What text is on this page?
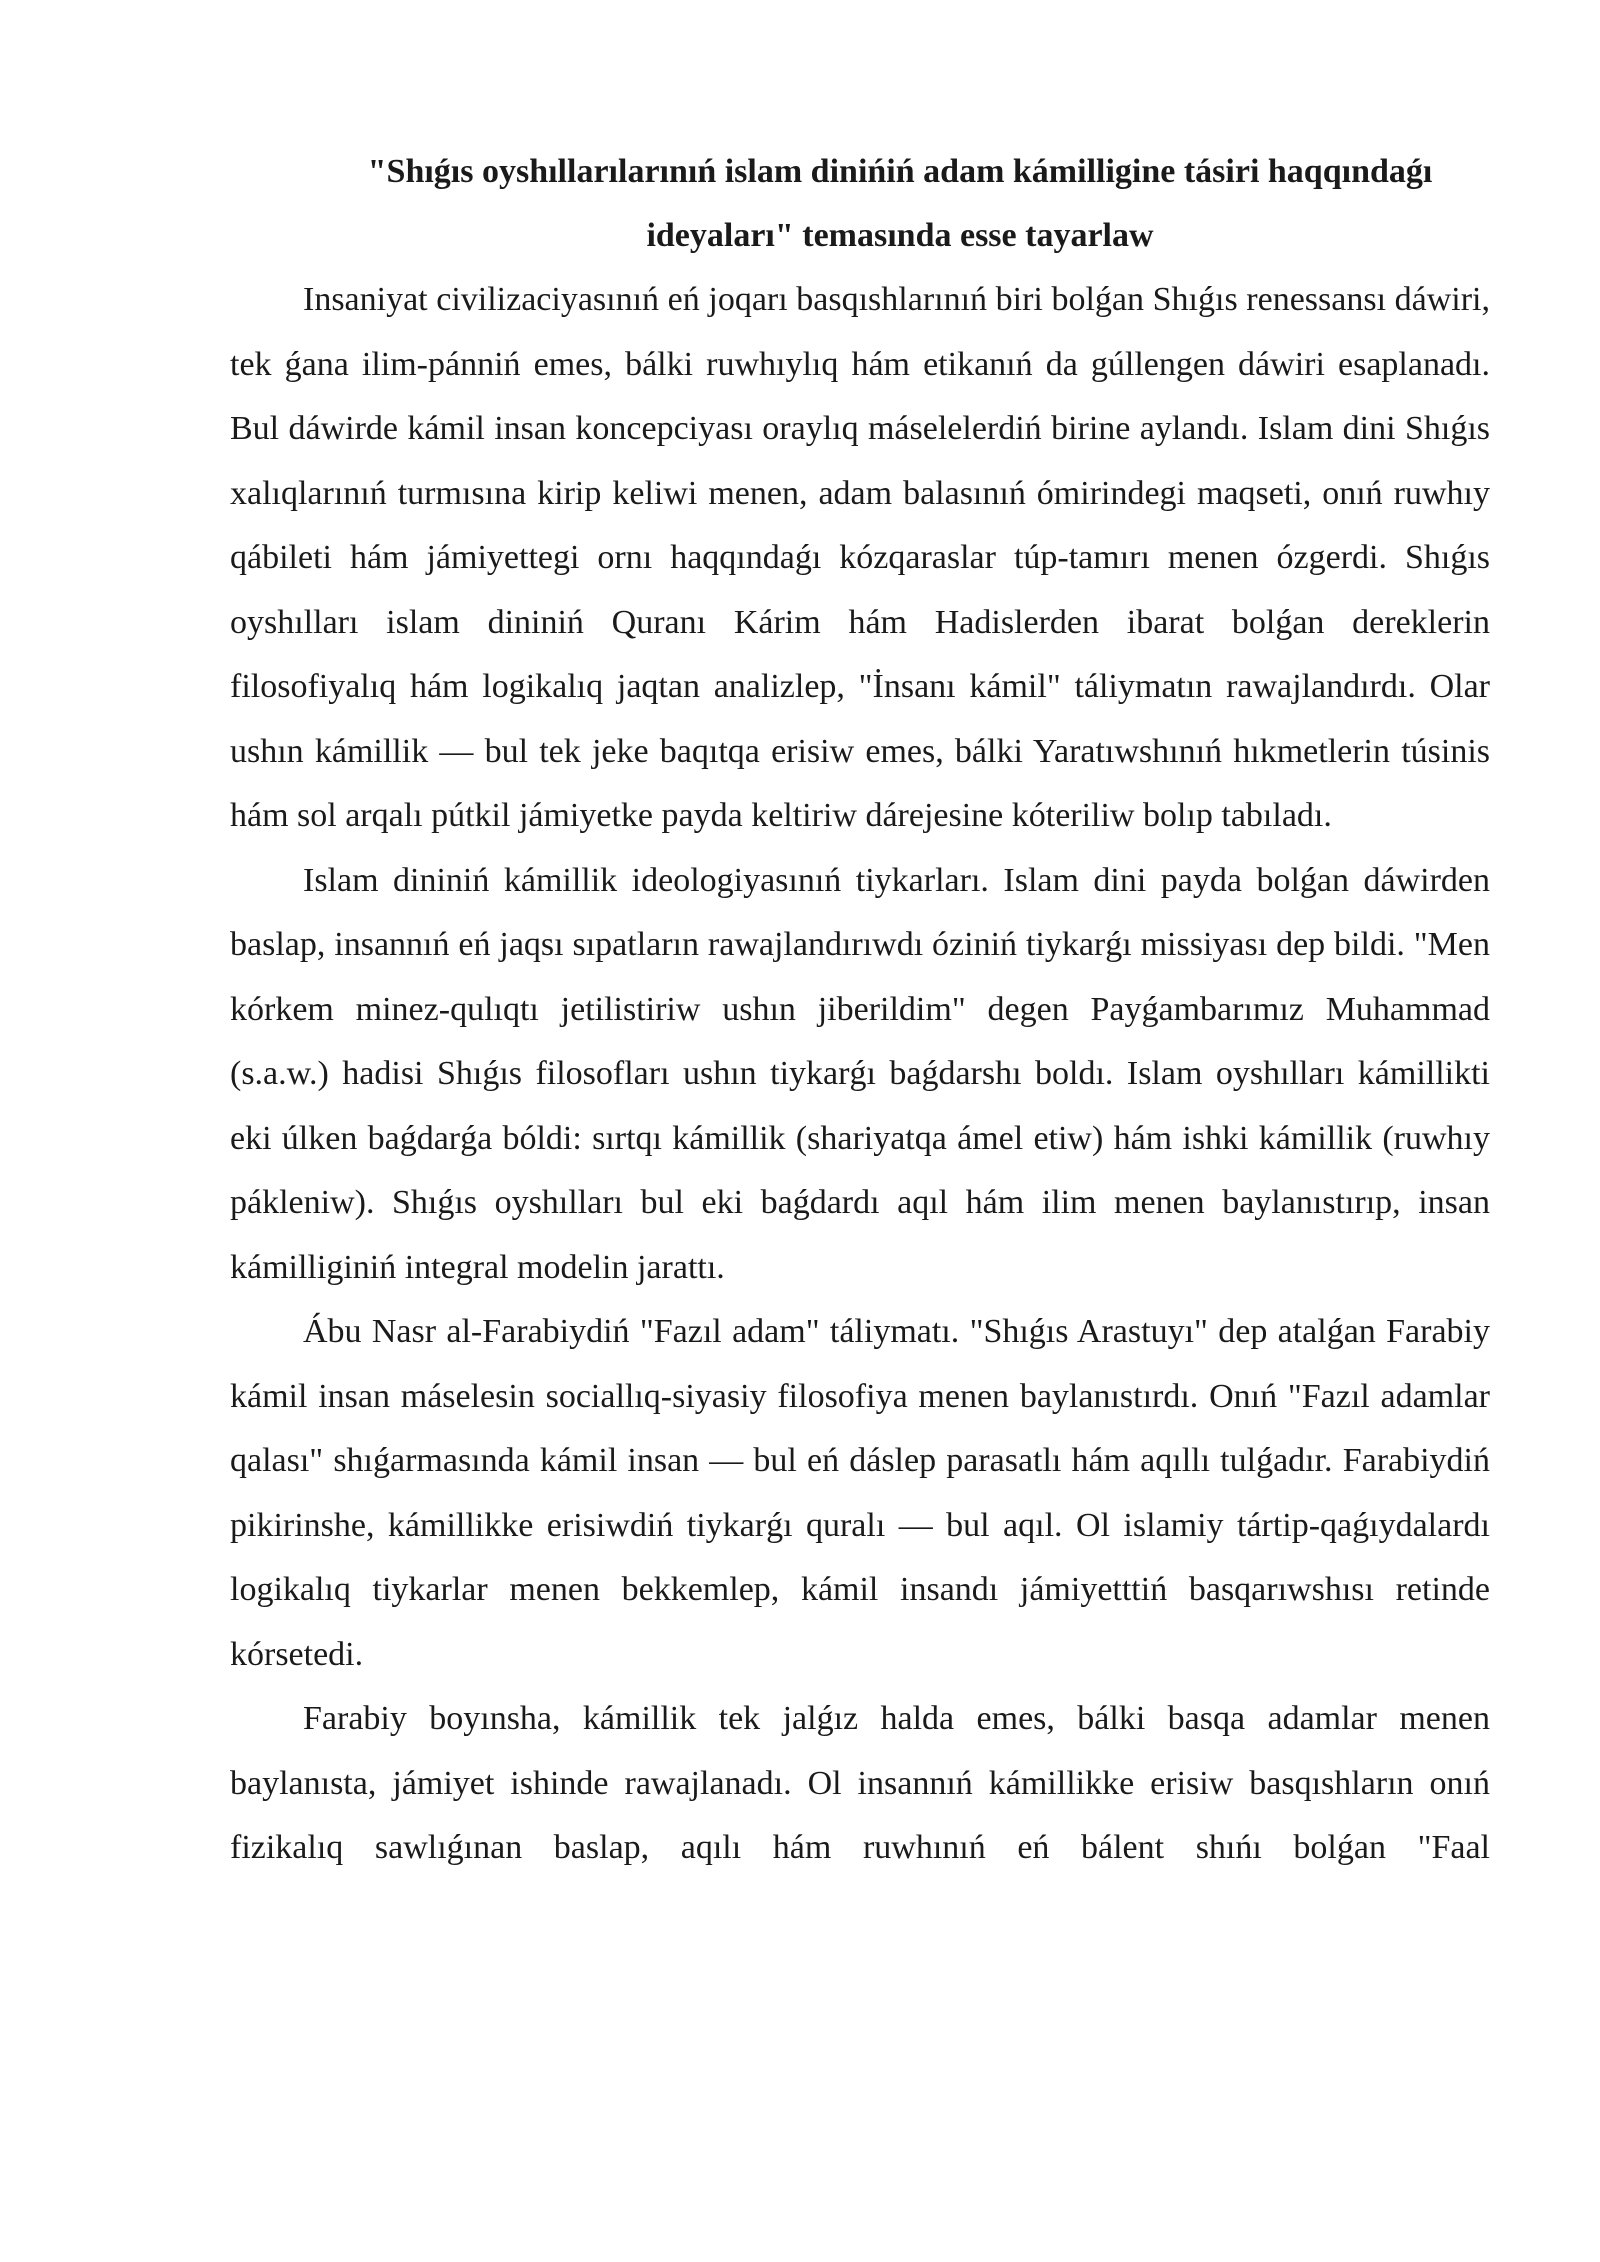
"Shıǵıs oyshıllarılarınıń islam dinińiń adam kámilligine tásiri haqqındaǵı ideyaları" temasında esse tayarlaw

Insaniyat civilizaciyasınıń eń joqarı basqıshlarınıń biri bolǵan Shıǵıs renessansı dáwiri, tek ǵana ilim-pánniń emes, bálki ruwhıylıq hám etikanıń da gúllengen dáwiri esaplanadı. Bul dáwirde kámil insan koncepciyası oraylıq máselelerdiń birine aylandı. Islam dini Shıǵıs xalıqlarınıń turmısına kirip keliwi menen, adam balasınıń ómirindegi maqseti, onıń ruwhıy qábileti hám jámiyettegi ornı haqqındaǵı kózqaraslar túp-tamırı menen ózgerdi. Shıǵıs oyshılları islam dininiń Quranı Kárim hám Hadislerden ibarat bolǵan dereklerin filosofiyalıq hám logikalıq jaqtan analizlep, "İnsanı kámil" táliymatın rawajlandırdı. Olar ushın kámillik — bul tek jeke baqıtqa erisiw emes, bálki Yaratıwshınıń hıkmetlerin túsinis hám sol arqalı pútkil jámiyetke payda keltiriw dárejesine kóteriliw bolıp tabıladı.

Islam dininiń kámillik ideologiyasınıń tiykarları. Islam dini payda bolǵan dáwirden baslap, insannıń eń jaqsı sıpatların rawajlandırıwdı óziniń tiykarǵı missiyası dep bildi. "Men kórkem minez-qulıqtı jetilistiriw ushın jiberildim" degen Payǵambarımız Muhammad (s.a.w.) hadisi Shıǵıs filosofları ushın tiykarǵı baǵdarshı boldı. Islam oyshılları kámillikti eki úlken baǵdarǵa bóldi: sırtqı kámillik (shariyatqa ámel etiw) hám ishki kámillik (ruwhıy pákleniw). Shıǵıs oyshılları bul eki baǵdardı aqıl hám ilim menen baylanıstırıp, insan kámilliginiń integral modelin jarattı.

Ábu Nasr al-Farabiydiń "Fazıl adam" táliymatı. "Shıǵıs Arastuyı" dep atalǵan Farabiy kámil insan máselesin sociallıq-siyasiy filosofiya menen baylanıstırdı. Onıń "Fazıl adamlar qalası" shıǵarmasında kámil insan — bul eń dáslep parasatlı hám aqıllı tulǵadır. Farabiydiń pikirinshe, kámillikke erisiwdiń tiykarǵı quralı — bul aqıl. Ol islamiy tártip-qaǵıydalardı logikalıq tiykarlar menen bekkemlep, kámil insandı jámiyetttiń basqarıwshısı retinde kórsetedi.

Farabiy boyınsha, kámillik tek jalǵız halda emes, bálki basqa adamlar menen baylanısta, jámiyet ishinde rawajlanadı. Ol insannıń kámillikke erisiw basqıshların onıń fizikalıq sawlıǵınan baslap, aqılı hám ruwhınıń eń bálent shıńı bolǵan "Faal
